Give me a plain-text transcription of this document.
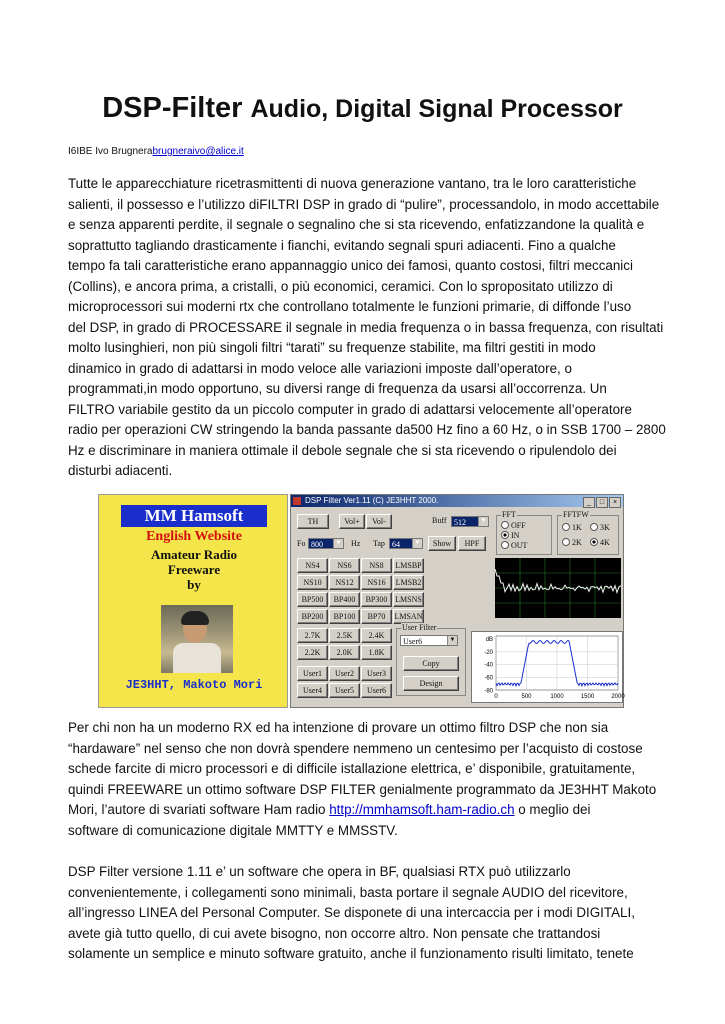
DSP-Filter Audio, Digital Signal Processor
I6IBE Ivo Brugnerabrugneraivo@alice.it
Tutte le apparecchiature ricetrasmittenti di nuova generazione vantano, tra le loro caratteristiche
salienti, il possesso e l’utilizzo diFILTRI DSP in grado di “pulire”, processandolo, in modo accettabile
e senza apparenti perdite, il segnale o segnalino che si sta ricevendo, enfatizzandone la qualità e
soprattutto tagliando drasticamente i fianchi, evitando segnali spuri adiacenti. Fino a qualche
tempo fa tali caratteristiche erano appannaggio unico dei famosi, quanto costosi, filtri meccanici
(Collins), e ancora prima, a cristalli, o più economici, ceramici. Con lo spropositato utilizzo di
microprocessori sui moderni rtx che controllano totalmente le funzioni primarie, di diffonde l’uso
del DSP, in grado di PROCESSARE il segnale in media frequenza o in bassa frequenza, con risultati
molto lusinghieri, non più singoli filtri “tarati” su frequenze stabilite, ma filtri gestiti in modo
dinamico in grado di adattarsi in modo veloce alle variazioni imposte dall’operatore, o
programmati,in modo opportuno, su diversi range di frequenza da usarsi all’occorrenza. Un
FILTRO variabile gestito da un piccolo computer in grado di adattarsi velocemente all’operatore
radio per operazioni CW stringendo la banda passante da500 Hz fino a 60 Hz, o in SSB 1700 – 2800
Hz e discriminare in maniera ottimale il debole segnale che si sta ricevendo o ripulendolo dei
disturbi adiacenti.
MM Hamsoft
English Website
Amateur Radio
Freeware
by
JE3HHT, Makoto Mori
DSP Filter Ver1.11 (C) JE3HHT 2000.	_ □ ×
TH	Vol+	Vol-	Buff 512	▼
Fo 800	▼ Hz Tap 64	▼	Show	HPF
FFT
OFF
IN
OUT
FFTFW
1K	3K
2K	4K
NS4	NS6	NS8	LMSBP
NS10	NS12	NS16	LMSB2
BP500	BP400	BP300 LMSNS
BP200	BP100	BP70	LMSAN
2.7K	2.5K	2.4K
2.2K	2.0K	1.8K
User1	User2	User3
User4	User5	User6
User Filter
User6	▼
Copy
Design
dB
-20
-40
-60
-80
0	500	1000	1500	2000
Per chi non ha un moderno RX ed ha intenzione di provare un ottimo filtro DSP che non sia
“hardaware” nel senso che non dovrà spendere nemmeno un centesimo per l’acquisto di costose
schede farcite di micro processori e di difficile istallazione elettrica, e’ disponibile, gratuitamente,
quindi FREEWARE un ottimo software DSP FILTER genialmente programmato da JE3HHT Makoto
Mori, l’autore di svariati software Ham radio http://mmhamsoft.ham-radio.ch o meglio dei
software di comunicazione digitale MMTTY e MMSSTV.
DSP Filter versione 1.11 e’ un software che opera in BF, qualsiasi RTX può utilizzarlo
convenientemente, i collegamenti sono minimali, basta portare il segnale AUDIO del ricevitore,
all’ingresso LINEA del Personal Computer. Se disponete di una intercaccia per i modi DIGITALI,
avete già tutto quello, di cui avete bisogno, non occorre altro. Non pensate che trattandosi
solamente un semplice e minuto software gratuito, anche il funzionamento risulti limitato, tenete
